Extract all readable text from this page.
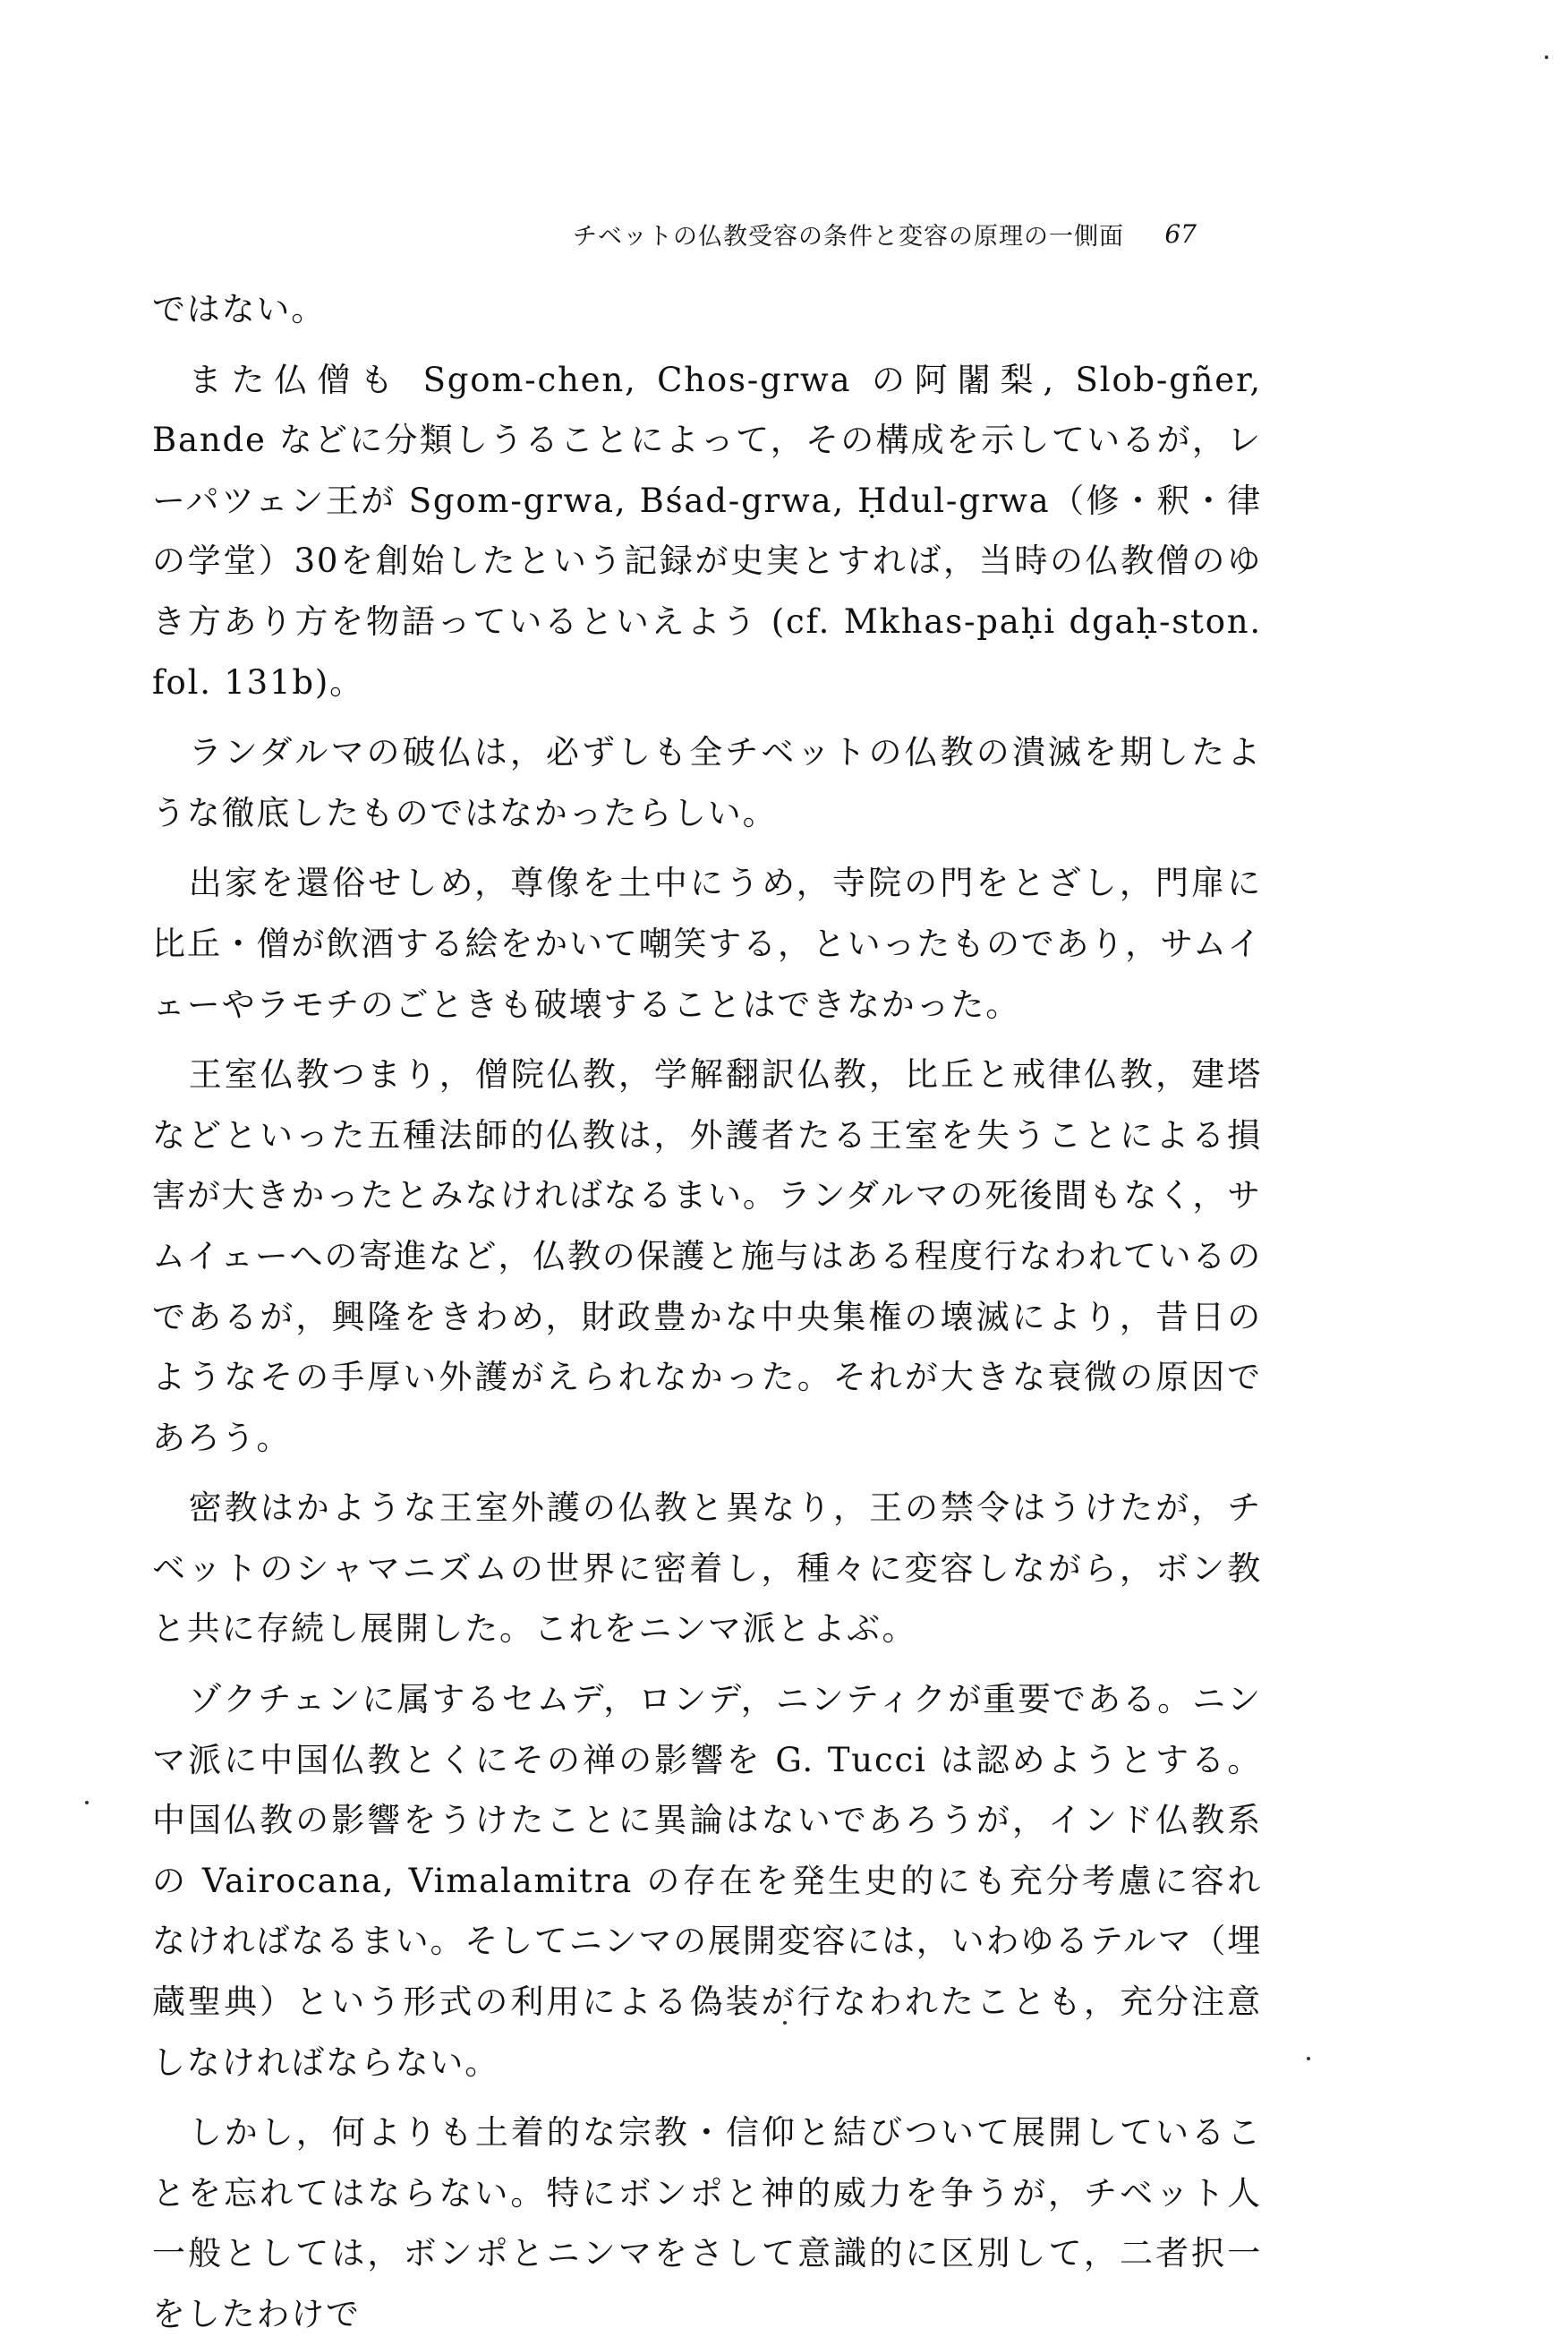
チベットの仏教受容の条件と変容の原理の一側面 67

ではない。

また仏僧も Sgom-chen, Chos-grwa の阿闍梨, Slob-gñer, Bande などに分類しうることによって，その構成を示しているが，レーパツェン王が Sgom-grwa, Bśad-grwa, Ḥdul-grwa（修・釈・律の学堂）30を創始したという記録が史実とすれば，当時の仏教僧のゆき方あり方を物語っているといえよう (cf. Mkhas-paḥi dgaḥ-ston. fol. 131b)。

ランダルマの破仏は，必ずしも全チベットの仏教の潰滅を期したような徹底したものではなかったらしい。

出家を還俗せしめ，尊像を土中にうめ，寺院の門をとざし，門扉に比丘・僧が飲酒する絵をかいて嘲笑する，といったものであり，サムイェーやラモチのごときも破壊することはできなかった。

王室仏教つまり，僧院仏教，学解翻訳仏教，比丘と戒律仏教，建塔などといった五種法師的仏教は，外護者たる王室を失うことによる損害が大きかったとみなければなるまい。ランダルマの死後間もなく，サムイェーへの寄進など，仏教の保護と施与はある程度行なわれているのであるが，興隆をきわめ，財政豊かな中央集権の壊滅により，昔日のようなその手厚い外護がえられなかった。それが大きな衰微の原因であろう。

密教はかような王室外護の仏教と異なり，王の禁令はうけたが，チベットのシャマニズムの世界に密着し，種々に変容しながら，ボン教と共に存続し展開した。これをニンマ派とよぶ。

ゾクチェンに属するセムデ，ロンデ，ニンティクが重要である。ニンマ派に中国仏教とくにその禅の影響を G. Tucci は認めようとする。中国仏教の影響をうけたことに異論はないであろうが，インド仏教系の Vairocana, Vimalamitra の存在を発生史的にも充分考慮に容れなければなるまい。そしてニンマの展開変容には，いわゆるテルマ（埋蔵聖典）という形式の利用による偽装が行なわれたことも，充分注意しなければならない。

しかし，何よりも土着的な宗教・信仰と結びついて展開していることを忘れてはならない。特にボンポと神的威力を争うが，チベット人一般としては，ボンポとニンマをさして意識的に区別して，二者択一をしたわけで
